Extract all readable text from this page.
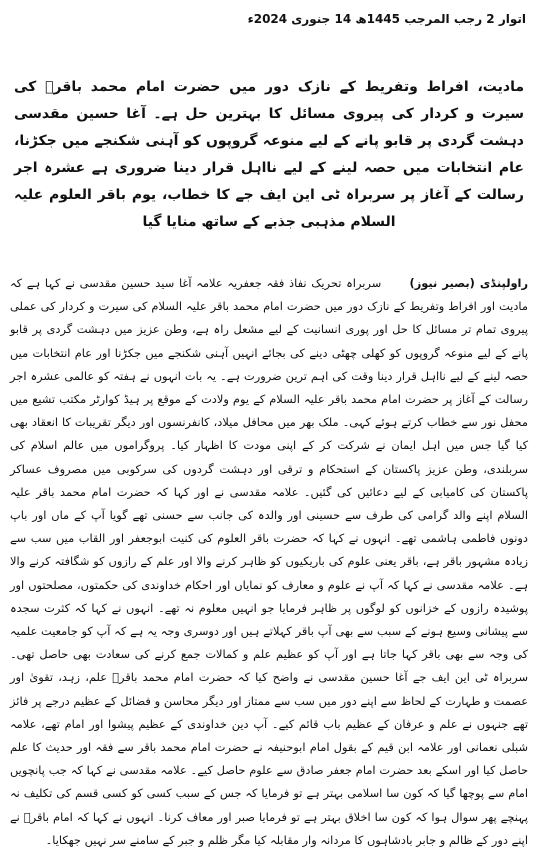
اتوار 2 رجب المرجب 1445ھ 14 جنوری 2024ء
مادیت، افراط وتفریط کے نازک دور میں حضرت امام محمد باقرؑ کی سیرت و کردار کی پیروی مسائل کا بہترین حل ہے۔ آغا حسین مقدسی دہشت گردی پر قابو پانے کے لیے منوعہ گروپوں کو آہنی شکنجے میں جکڑنا، عام انتخابات میں حصہ لینے کے لیے نااہل قرار دینا ضروری ہے عشرہ اجر رسالت کے آغاز پر سربراہ ٹی این ایف جے کا خطاب، یوم باقر العلوم علیہ السلام مذہبی جذبے کے ساتھ منایا گیا
راولپنڈی (بصیر نیوز)      سربراہ تحریک نفاذ فقہ جعفریہ علامہ آغا سید حسین مقدسی نے کہا ہے کہ مادیت اور افراط وتفریط کے نازک دور میں حضرت امام محمد باقر علیہ السلام کی سیرت و کردار کی عملی پیروی تمام تر مسائل کا حل اور پوری انسانیت کے لیے مشعل راہ ہے، وطن عزیز میں دہشت گردی پر قابو پانے کے لیے منوعہ گروپوں کو کھلی چھٹی دینے کی بجائے انہیں آہنی شکنجے میں جکڑنا اور عام انتخابات میں حصہ لینے کے لیے نااہل قرار دینا وقت کی اہم ترین ضرورت ہے۔ یہ بات انہوں نے ہفتہ کو عالمی عشرہ اجر رسالت کے آغاز پر حضرت امام محمد باقر علیہ السلام کے یوم ولادت کے موقع پر ہیڈ کوارٹر مکتب تشیع میں محفل نور سے خطاب کرتے ہوئے کہی۔ ملک بھر میں محافل میلاد، کانفرنسوں اور دیگر تقریبات کا انعقاد بھی کیا گیا جس میں اہل ایمان نے شرکت کر کے اپنی مودت کا اظہار کیا۔ پروگراموں میں عالم اسلام کی سربلندی، وطن عزیز پاکستان کے استحکام و ترقی اور دہشت گردوں کی سرکوبی میں مصروف عساکر پاکستان کی کامیابی کے لیے دعائیں کی گئیں۔ علامہ مقدسی نے اور کہا کہ حضرت امام محمد باقر علیہ السلام اپنے والد گرامی کی طرف سے حسینی اور والدہ کی جانب سے حسنی تھے گویا آپ کے ماں اور باپ دونوں فاطمی ہاشمی تھے۔ انہوں نے کہا کہ حضرت باقر العلوم کی کنیت ابوجعفر اور القاب میں سب سے زیادہ مشہور باقر ہے، باقر یعنی علوم کی باریکیوں کو ظاہر کرنے والا اور علم کے رازوں کو شگافتہ کرنے والا ہے۔ علامہ مقدسی نے کہا کہ آپ نے علوم و معارف کو نمایاں اور احکام خداوندی کی حکمتوں، مصلحتوں اور پوشیدہ رازوں کے خزانوں کو لوگوں پر ظاہر فرمایا جو انہیں معلوم نہ تھے۔ انہوں نے کہا کہ کثرت سجدہ سے پیشانی وسیع ہونے کے سبب سے بھی آپ باقر کہلاتے ہیں اور دوسری وجہ یہ ہے کہ آپ کو جامعیت علمیہ کی وجہ سے بھی باقر کہا جاتا ہے اور آپ کو عظیم علم و کمالات جمع کرنے کی سعادت بھی حاصل تھی۔ سربراہ ٹی این ایف جے آغا حسین مقدسی نے واضح کیا کہ حضرت امام محمد باقرؑ علم، زہد، تقویٰ اور عصمت و طہارت کے لحاظ سے اپنے دور میں سب سے ممتاز اور دیگر محاسن و فضائل کے عظیم درجے پر فائز تھے جنہوں نے علم و عرفان کے عظیم باب قائم کیے۔ آپ دین خداوندی کے عظیم پیشوا اور امام تھے، علامہ شبلی نعمانی اور علامہ ابن قیم کے بقول امام ابوحنیفہ نے حضرت امام محمد باقر سے فقہ اور حدیث کا علم حاصل کیا اور اسکے بعد حضرت امام جعفر صادق سے علوم حاصل کیے۔ علامہ مقدسی نے کہا کہ جب پانچویں امام سے پوچھا گیا کہ کون سا اسلامی بہتر ہے تو فرمایا کہ جس کے سبب کسی کو کسی قسم کی تکلیف نہ پہنچے پھر سوال ہوا کہ کون سا اخلاق بہتر ہے تو فرمایا صبر اور معاف کرنا۔ انہوں نے کہا کہ امام باقرؑ نے اپنے دور کے ظالم و جابر بادشاہوں کا مردانہ وار مقابلہ کیا مگر ظلم و جبر کے سامنے سر نہیں جھکایا۔
